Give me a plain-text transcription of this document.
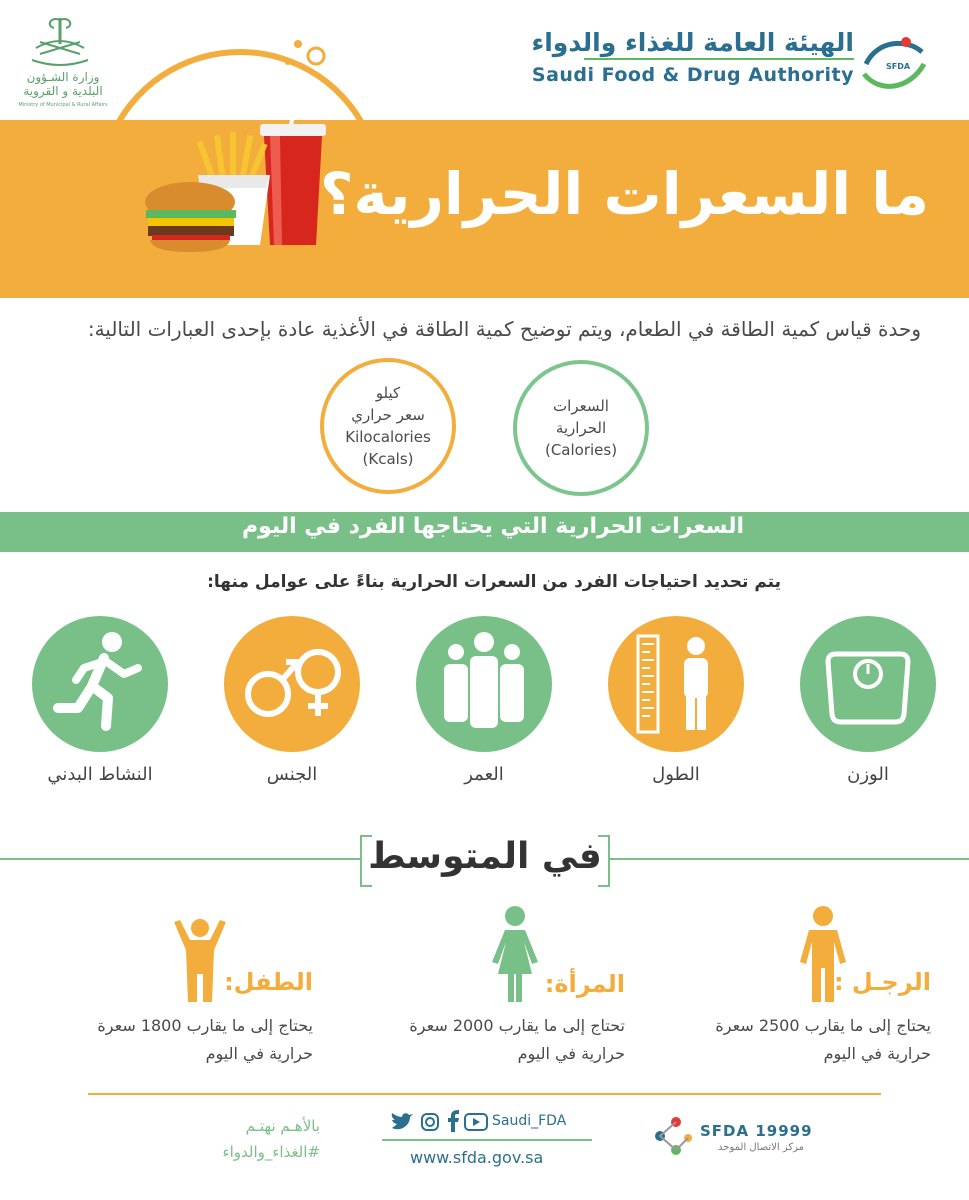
SFDA
الهيئة العامة للغذاء والدواء
Saudi Food & Drug Authority
وزارة الشـؤون البلدية و القروية
Ministry of Municipal & Rural Affairs
ما السعرات الحرارية؟
وحدة قياس كمية الطاقة في الطعام، ويتم توضيح كمية الطاقة في الأغذية عادة بإحدى العبارات التالية:
السعرات
الحرارية
(Calories)
كيلو
سعر حراري
Kilocalories
(Kcals)
السعرات الحرارية التي يحتاجها الفرد في اليوم
يتم تحديد احتياجات الفرد من السعرات الحرارية بناءً على عوامل منها:
الوزن
الطول
العمر
الجنس
النشاط البدني
في المتوسط
الرجـل :
يحتاج إلى ما يقارب 2500 سعرة
حرارية في اليوم
المرأة:
تحتاج إلى ما يقارب 2000 سعرة
حرارية في اليوم
الطفل:
يحتاج إلى ما يقارب 1800 سعرة
حرارية في اليوم
بالأهـم نهتـم
#الغذاء_والدواء
Saudi_FDA
www.sfda.gov.sa
SFDA 19999
مركز الاتصال الموحد
